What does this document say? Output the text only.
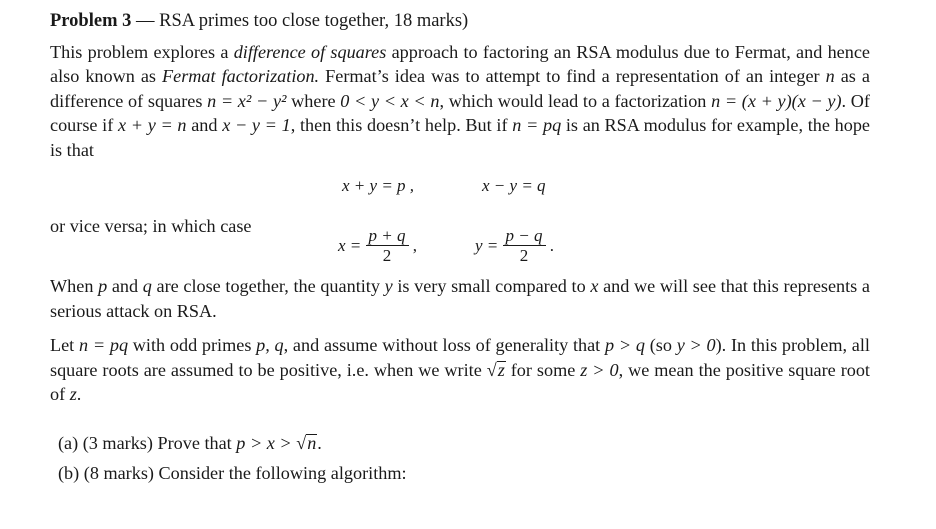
Problem 3 — RSA primes too close together, 18 marks)

This problem explores a difference of squares approach to factoring an RSA modulus due to Fermat, and hence also known as Fermat factorization. Fermat’s idea was to attempt to find a representation of an integer n as a difference of squares n = x² − y² where 0 < y < x < n, which would lead to a factorization n = (x + y)(x − y). Of course if x + y = n and x − y = 1, then this doesn’t help. But if n = pq is an RSA modulus for example, the hope is that

x + y = p ,	x − y = q

or vice versa; in which case

$x = \frac{p + q}{2}$ ,	$y = \frac{p - q}{2}$ .

When p and q are close together, the quantity y is very small compared to x and we will see that this represents a serious attack on RSA.

Let n = pq with odd primes p, q, and assume without loss of generality that p > q (so y > 0). In this problem, all square roots are assumed to be positive, i.e. when we write √z for some z > 0, we mean the positive square root of z.

(a) (3 marks) Prove that p > x > √n.
(b) (8 marks) Consider the following algorithm:
